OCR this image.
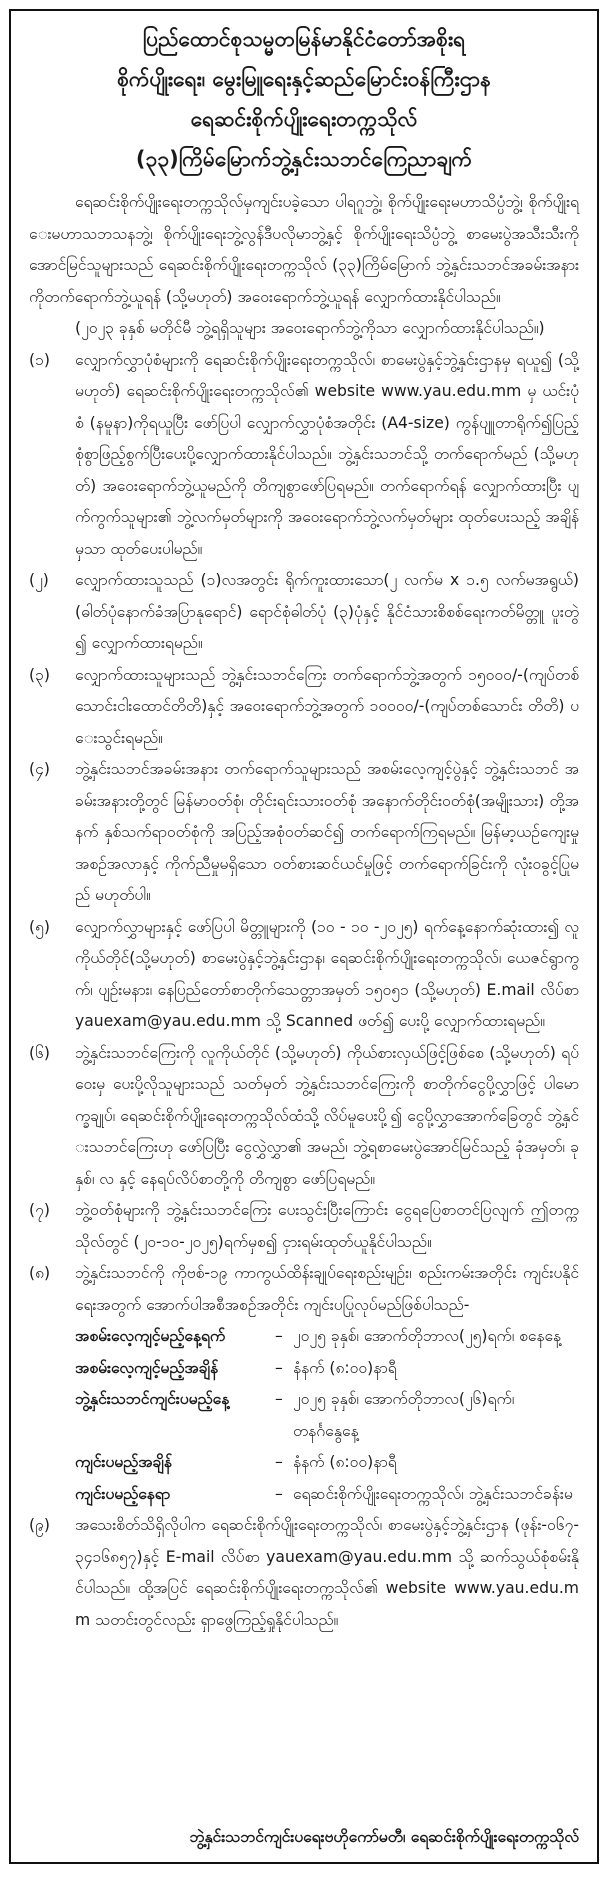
ပြည်ထောင်စုသမ္မတမြန်မာနိုင်ငံတော်အစိုးရ
စိုက်ပျိုးရေး၊ မွေးမြူရေးနှင့်ဆည်မြောင်းဝန်ကြီးဌာန
ရေဆင်းစိုက်ပျိုးရေးတက္ကသိုလ်
(၃၃)ကြိမ်မြောက်ဘွဲ့နှင်းသဘင်ကြေညာချက်

ရေဆင်းစိုက်ပျိုးရေးတက္ကသိုလ်မှကျင်းပခဲ့သော ပါရဂူဘွဲ့၊ စိုက်ပျိုးရေးမဟာသိပ္ပံဘွဲ့၊ စိုက်ပျိုးရေးမဟာသဘသနဘွဲ့၊ စိုက်ပျိုးရေးဘွဲ့လွန်ဒီပလိုမာဘွဲ့နှင့် စိုက်ပျိုးရေးသိပ္ပံဘွဲ့ စာမေးပွဲအသီးသီးကို အောင်မြင်သူများသည် ရေဆင်းစိုက်ပျိုးရေးတက္ကသိုလ် (၃၃)ကြိမ်မြောက် ဘွဲ့နှင်းသဘင်အခမ်းအနားကိုတက်ရောက်ဘွဲ့ယူရန် (သို့မဟုတ်) အဝေးရောက်ဘွဲ့ယူရန် လျှောက်ထားနိုင်ပါသည်။

(၂၀၂၃ ခုနှစ် မတိုင်မီ ဘွဲ့ရရှိသူများ အဝေးရောက်ဘွဲ့ကိုသာ လျှောက်ထားနိုင်ပါသည်။)

(၁)	လျှောက်လွှာပုံစံများကို ရေဆင်းစိုက်ပျိုးရေးတက္ကသိုလ်၊ စာမေးပွဲနှင့်ဘွဲ့နှင်းဌာနမှ ရယူ၍ (သို့မဟုတ်) ရေဆင်းစိုက်ပျိုးရေးတက္ကသိုလ်၏ website www.yau.edu.mm မှ ယင်းပုံစံ (နမူနာ)ကိုရယူပြီး ဖော်ပြပါ လျှောက်လွှာပုံစံအတိုင်း (A4-size) ကွန်ပျူတာရိုက်၍ပြည့်စုံစွာဖြည့်စွက်ပြီးပေးပို့လျှောက်ထားနိုင်ပါသည်။ ဘွဲ့နှင်းသဘင်သို့ တက်ရောက်မည် (သို့မဟုတ်) အဝေးရောက်ဘွဲ့ယူမည်ကို တိကျစွာဖော်ပြရမည်။ တက်ရောက်ရန် လျှောက်ထားပြီး ပျက်ကွက်သူများ၏ ဘွဲ့လက်မှတ်များကို အဝေးရောက်ဘွဲ့လက်မှတ်များ ထုတ်ပေးသည့် အချိန်မှသာ ထုတ်ပေးပါမည်။
(၂)	လျှောက်ထားသူသည် (၁)လအတွင်း ရိုက်ကူးထားသော(၂ လက်မ x ၁.၅ လက်မအရွယ်) (ဓါတ်ပုံနောက်ခံအပြာနုရောင်) ရောင်စုံဓါတ်ပုံ (၃)ပုံနှင့် နိုင်ငံသားစိစစ်ရေးကတ်မိတ္တူ ပူးတွဲ၍ လျှောက်ထားရမည်။
(၃)	လျှောက်ထားသူများသည် ဘွဲ့နှင်းသဘင်ကြေး တက်ရောက်ဘွဲ့အတွက် ၁၅၀၀၀/-(ကျပ်တစ်သောင်းငါးထောင်တိတိ)နှင့် အဝေးရောက်ဘွဲ့အတွက် ၁၀၀၀၀/-(ကျပ်တစ်သောင်း တိတိ) ပေးသွင်းရမည်။
(၄)	ဘွဲ့နှင်းသဘင်အခမ်းအနား တက်ရောက်သူများသည် အစမ်းလေ့ကျင့်ပွဲနှင့် ဘွဲ့နှင်းသဘင် အခမ်းအနားတို့တွင် မြန်မာဝတ်စုံ၊ တိုင်းရင်းသားဝတ်စုံ အနောက်တိုင်းဝတ်စုံ(အမျိုးသား) တို့အနက် နှစ်သက်ရာဝတ်စုံကို အပြည့်အစုံဝတ်ဆင်၍ တက်ရောက်ကြရမည်။ မြန်မာ့ယဉ်ကျေးမှု အစဉ်အလာနှင့် ကိုက်ညီမှုမရှိသော ဝတ်စားဆင်ယင်မှုဖြင့် တက်ရောက်ခြင်းကို လုံးဝခွင့်ပြုမည် မဟုတ်ပါ။
(၅)	လျှောက်လွှာများနှင့် ဖော်ပြပါ မိတ္တူများကို (၁၀ - ၁၀ -၂၀၂၅) ရက်နေ့နောက်ဆုံးထား၍ လူကိုယ်တိုင်(သို့မဟုတ်) စာမေးပွဲနှင့်ဘွဲ့နှင်းဌာန၊ ရေဆင်းစိုက်ပျိုးရေးတက္ကသိုလ်၊ ယေဇင်ရွာကွက်၊ ပျဉ်းမနား၊ နေပြည်တော်စာတိုက်သေတ္တာအမှတ် ၁၅၀၅၁ (သို့မဟုတ်) E.mail လိပ်စာ yauexam@yau.edu.mm သို့ Scanned ဖတ်၍ ပေးပို့ လျှောက်ထားရမည်။
(၆)	ဘွဲ့နှင်းသဘင်ကြေးကို လူကိုယ်တိုင် (သို့မဟုတ်) ကိုယ်စားလှယ်ဖြင့်ဖြစ်စေ (သို့မဟုတ်) ရပ်ဝေးမှ ပေးပို့လိုသူများသည် သတ်မှတ် ဘွဲ့နှင်းသဘင်ကြေးကို စာတိုက်ငွေပို့လွှာဖြင့် ပါမောက္ခချုပ်၊ ရေဆင်းစိုက်ပျိုးရေးတက္ကသိုလ်ထံသို့ လိပ်မူပေးပို့၍ ငွေပို့လွှာအောက်ခြေတွင် ဘွဲ့နှင်းသဘင်ကြေးဟု ဖော်ပြပြီး ငွေလွှဲလွှာ၏ အမည်၊ ဘွဲ့ရစာမေးပွဲအောင်မြင်သည့် ခုံအမှတ်၊ ခုနှစ်၊ လ နှင့် နေရပ်လိပ်စာတို့ကို တိကျစွာ ဖော်ပြရမည်။
(၇)	ဘွဲ့ဝတ်စုံများကို ဘွဲ့နှင်းသဘင်ကြေး ပေးသွင်းပြီးကြောင်း ငွေရပြေစာတင်ပြလျက် ဤတက္ကသိုလ်တွင် (၂၀-၁၀-၂၀၂၅)ရက်မှစ၍ ငှားရမ်းထုတ်ယူနိုင်ပါသည်။
(၈)	ဘွဲ့နှင်းသဘင်ကို ကိုဗစ်-၁၉ ကာကွယ်ထိန်းချုပ်ရေးစည်းမျဉ်း၊ စည်းကမ်းအတိုင်း ကျင်းပနိုင်ရေးအတွက် အောက်ပါအစီအစဉ်အတိုင်း ကျင်းပပြုလုပ်မည်ဖြစ်ပါသည်-
အစမ်းလေ့ကျင့်မည့်နေ့ရက်	– ၂၀၂၅ ခုနှစ်၊ အောက်တိုဘာလ(၂၅)ရက်၊ စနေနေ့
အစမ်းလေ့ကျင့်မည့်အချိန်	– နံနက် (၈:၀၀)နာရီ
ဘွဲ့နှင်းသဘင်ကျင်းပမည့်နေ့	– ၂၀၂၅ ခုနှစ်၊ အောက်တိုဘာလ(၂၆)ရက်၊ တနင်္ဂနွေနေ့
ကျင်းပမည့်အချိန်	– နံနက် (၈:၀၀)နာရီ
ကျင်းပမည့်နေရာ	– ရေဆင်းစိုက်ပျိုးရေးတက္ကသိုလ်၊ ဘွဲ့နှင်းသဘင်ခန်းမ
(၉)	အသေးစိတ်သိရှိလိုပါက ရေဆင်းစိုက်ပျိုးရေးတက္ကသိုလ်၊ စာမေးပွဲနှင့်ဘွဲ့နှင်းဌာန (ဖုန်း-၀၆၇-၃၄၁၆၈၅၇)နှင့် E-mail လိပ်စာ yauexam@yau.edu.mm သို့ ဆက်သွယ်စုံစမ်းနိုင်ပါသည်။ ထို့အပြင် ရေဆင်းစိုက်ပျိုးရေးတက္ကသိုလ်၏ website www.yau.edu.mm သတင်းတွင်လည်း ရှာဖွေကြည့်ရှုနိုင်ပါသည်။
ဘွဲ့နှင်းသဘင်ကျင်းပရေးဗဟိုကော်မတီ၊ ရေဆင်းစိုက်ပျိုးရေးတက္ကသိုလ်
